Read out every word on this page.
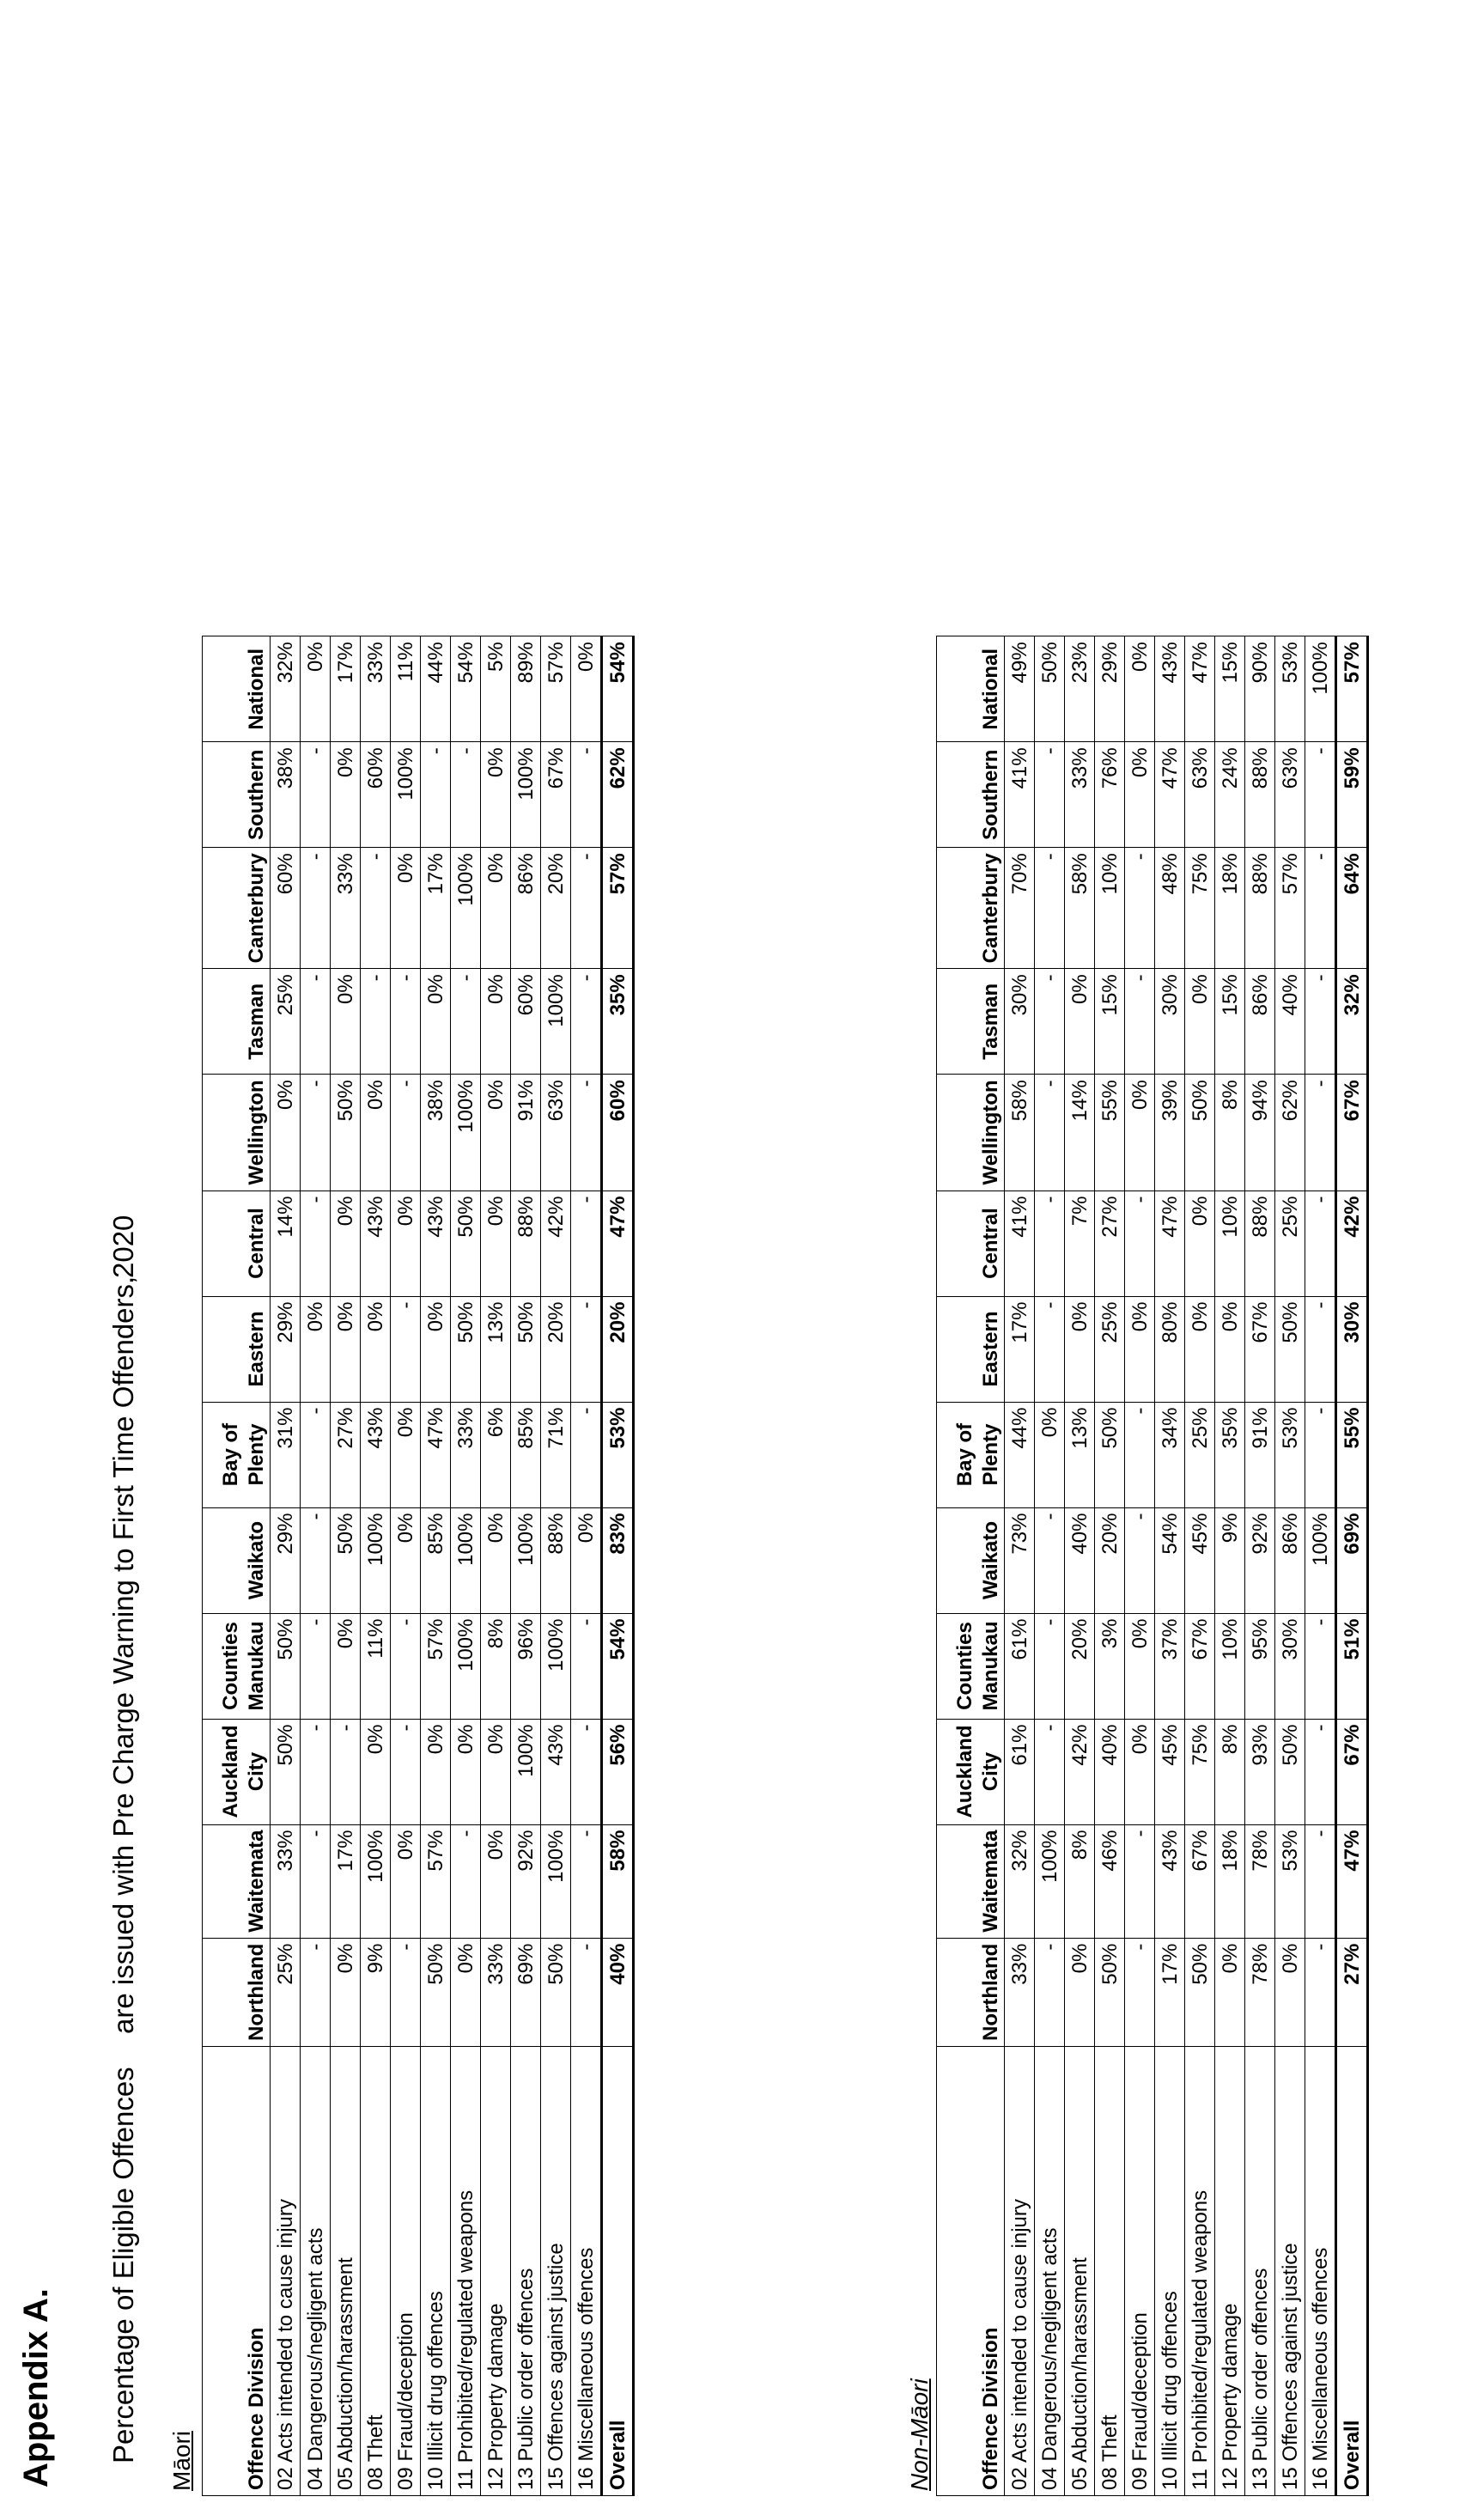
Appendix A. Percentage of Eligible Offences
are issued with Pre Charge Warning to First Time Offenders,
2020
Māori Offence Division	Northland	Waitemata	Auckland City	Counties Manukau	Waikato	Bay of Plenty	Eastern	Central	Wellington	Tasman	Canterbury	Southern	National
02 Acts intended to cause injury	25%	33%	50%	50%	29%	31%	29%	14%	0%	25%	60%	38%	32%
04 Dangerous/negligent acts	-	-	-	-	-	-	0%	-	-	-	-	-	0%
05 Abduction/harassment	0%	17%	-	0%	50%	27%	0%	0%	50%	0%	33%	0%	17%
08 Theft	9%	100%	0%	11%	100%	43%	0%	43%	0%	-	-	60%	33%
09 Fraud/deception	-	0%	-	-	0%	0%	-	0%	-	-	0%	100%	11%
10 Illicit drug offences	50%	57%	0%	57%	85%	47%	0%	43%	38%	0%	17%	-	44%
11 Prohibited/regulated weapons	0%	-	0%	100%	100%	33%	50%	50%	100%	-	100%	-	54%
12 Property damage	33%	0%	0%	8%	0%	6%	13%	0%	0%	0%	0%	0%	5%
13 Public order offences	69%	92%	100%	96%	100%	85%	50%	88%	91%	60%	86%	100%	89%
15 Offences against justice	50%	100%	43%	100%	88%	71%	20%	42%	63%	100%	20%	67%	57%
16 Miscellaneous offences	-	-	-	-	0%	-	-	-	-	-	-	-	0%
Overall	40%	58%	56%	54%	83%	53%	20%	47%	60%	35%	57%	62%	54%
Non-Māori Offence Division	Northland	Waitemata	Auckland City	Counties Manukau	Waikato	Bay of Plenty	Eastern	Central	Wellington	Tasman	Canterbury	Southern	National
02 Acts intended to cause injury	33%	32%	61%	61%	73%	44%	17%	41%	58%	30%	70%	41%	49%
04 Dangerous/negligent acts	-	100%	-	-	-	0%	-	-	-	-	-	-	50%
05 Abduction/harassment	0%	8%	42%	20%	40%	13%	0%	7%	14%	0%	58%	33%	23%
08 Theft	50%	46%	40%	3%	20%	50%	25%	27%	55%	15%	10%	76%	29%
09 Fraud/deception	-	-	0%	0%	-	-	0%	-	0%	-	-	0%	0%
10 Illicit drug offences	17%	43%	45%	37%	54%	34%	80%	47%	39%	30%	48%	47%	43%
11 Prohibited/regulated weapons	50%	67%	75%	67%	45%	25%	0%	0%	50%	0%	75%	63%	47%
12 Property damage	0%	18%	8%	10%	9%	35%	0%	10%	8%	15%	18%	24%	15%
13 Public order offences	78%	78%	93%	95%	92%	91%	67%	88%	94%	86%	88%	88%	90%
15 Offences against justice	0%	53%	50%	30%	86%	53%	50%	25%	62%	40%	57%	63%	53%
16 Miscellaneous offences	-	-	-	-	100%	-	-	-	-	-	-	-	100%
Overall	27%	47%	67%	51%	69%	55%	30%	42%	67%	32%	64%	59%	57%
